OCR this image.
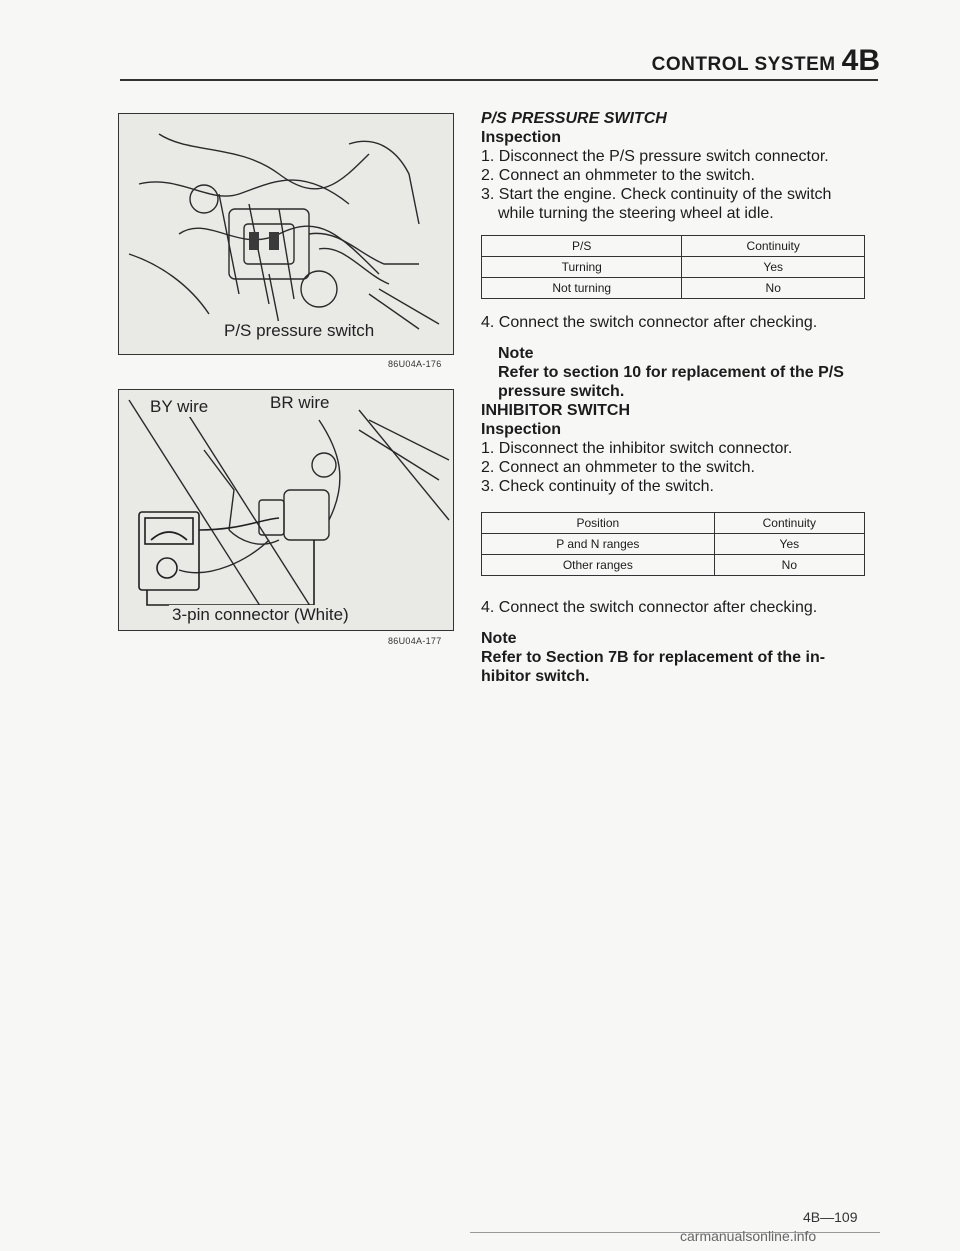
CONTROL SYSTEM 4B
P/S pressure switch
86U04A-176
BY wire	BR wire
3-pin connector (White)
86U04A-177
P/S PRESSURE SWITCH
Inspection
1. Disconnect the P/S pressure switch connector.
2. Connect an ohmmeter to the switch.
3. Start the engine. Check continuity of the switch
while turning the steering wheel at idle.
P/S	Continuity
Turning	Yes
Not turning	No
4. Connect the switch connector after checking.
Note
Refer to section 10 for replacement of the P/S pressure switch.
INHIBITOR SWITCH
Inspection
1. Disconnect the inhibitor switch connector.
2. Connect an ohmmeter to the switch.
3. Check continuity of the switch.
Position	Continuity
P and N ranges	Yes
Other ranges	No
4. Connect the switch connector after checking.
Note
Refer to Section 7B for replacement of the in-hibitor switch.
4B—109
carmanualsonline.info
